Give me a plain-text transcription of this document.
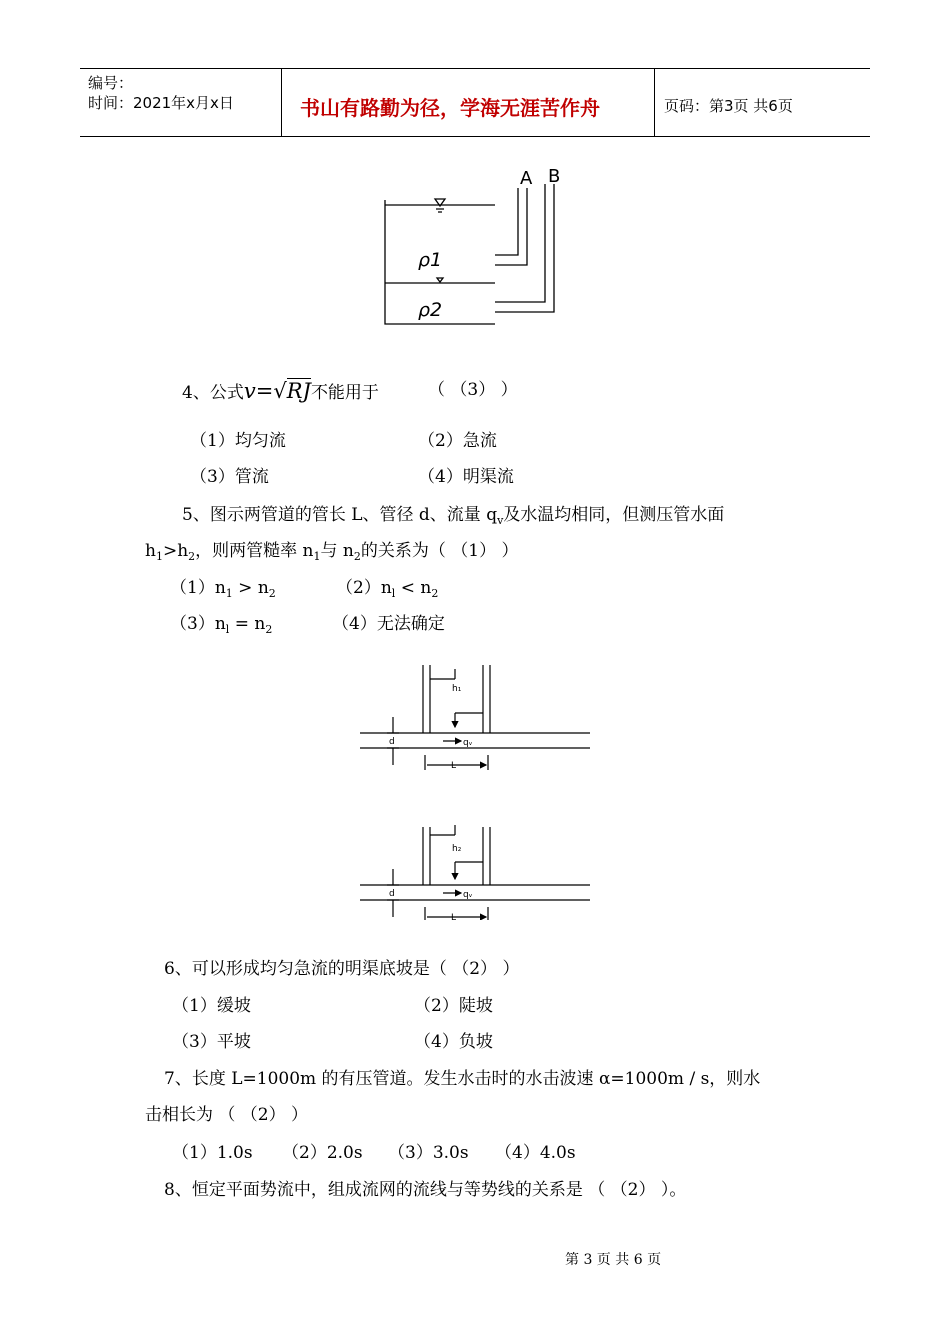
编号：
时间：2021年x月x日	书山有路勤为径，学海无涯苦作舟	页码：第3页 共6页
A B
ρ1
ρ2
4、公式v=√RJ不能用于	（ （3） ）
（1）均匀流	（2）急流
（3）管流	（4）明渠流
5、图示两管道的管长 L、管径 d、流量 $q_v$及水温均相同，但测压管水面
$h_1>h_2$，则两管糙率 $n_1$与 $n_2$的关系为（ （1） ）
$(1)n_1 > n_2$	$(2)n_l < n_2$
$(3)n_l = n_2$	（4）无法确定
h₁
d	qᵥ
L
h₂
d	qᵥ
L
6、可以形成均匀急流的明渠底坡是（ （2） ）
（1）缓坡	（2）陡坡
（3）平坡	（4）负坡
7、长度 L=1000m 的有压管道。发生水击时的水击波速 α=1000m / s，则水
击相长为 （ （2） ）
（1）1.0s （2）2.0s （3）3.0s （4）4.0s
8、恒定平面势流中，组成流网的流线与等势线的关系是 （ （2） ）。
第 3 页 共 6 页
